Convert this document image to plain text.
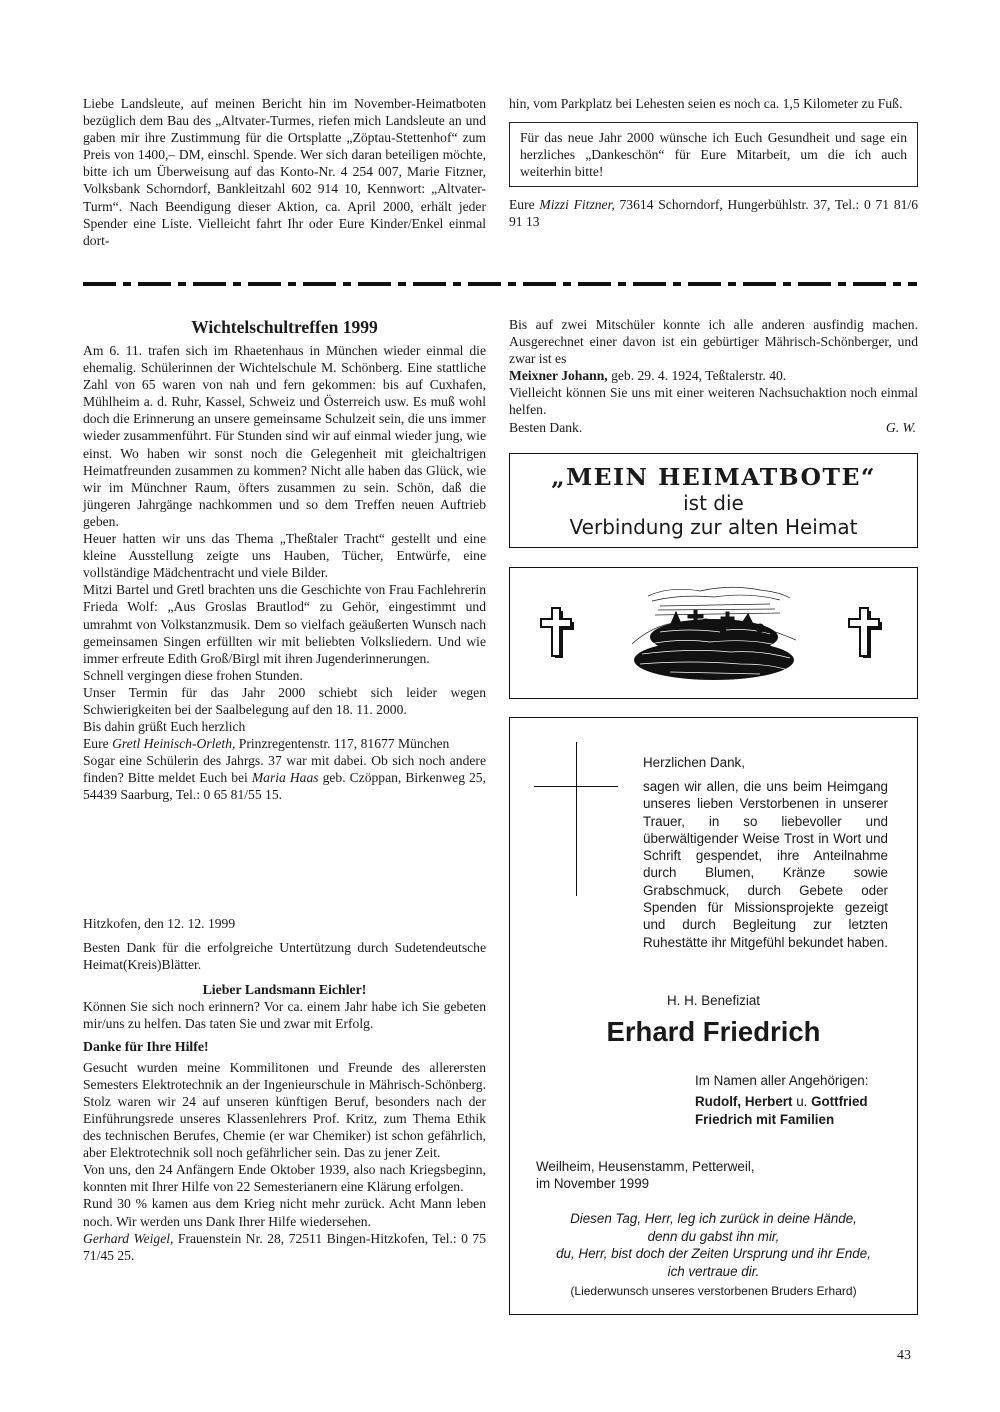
Liebe Landsleute, auf meinen Bericht hin im November-Heimatboten bezüglich dem Bau des „Altvater-Turmes, riefen mich Landsleute an und gaben mir ihre Zustimmung für die Ortsplatte „Zöptau-Stettenhof“ zum Preis von 1400,– DM, einschl. Spende. Wer sich daran beteiligen möchte, bitte ich um Überweisung auf das Konto-Nr. 4 254 007, Marie Fitzner, Volksbank Schorndorf, Bankleitzahl 602 914 10, Kennwort: „Altvater-Turm“. Nach Beendigung dieser Aktion, ca. April 2000, erhält jeder Spender eine Liste. Vielleicht fahrt Ihr oder Eure Kinder/Enkel einmal dort-

hin, vom Parkplatz bei Lehesten seien es noch ca. 1,5 Kilometer zu Fuß.

Für das neue Jahr 2000 wünsche ich Euch Gesundheit und sage ein herzliches „Dankeschön“ für Eure Mitarbeit, um die ich auch weiterhin bitte!

Eure Mizzi Fitzner, 73614 Schorndorf, Hungerbühlstr. 37, Tel.: 0 71 81/6 91 13

Wichtelschultreffen 1999

Am 6. 11. trafen sich im Rhaetenhaus in München wieder einmal die ehemalig. Schülerinnen der Wichtelschule M. Schönberg. Eine stattliche Zahl von 65 waren von nah und fern gekommen: bis auf Cuxhafen, Mühlheim a. d. Ruhr, Kassel, Schweiz und Österreich usw. Es muß wohl doch die Erinnerung an unsere gemeinsame Schulzeit sein, die uns immer wieder zusammenführt. Für Stunden sind wir auf einmal wieder jung, wie einst. Wo haben wir sonst noch die Gelegenheit mit gleichaltrigen Heimatfreunden zusammen zu kommen? Nicht alle haben das Glück, wie wir im Münchner Raum, öfters zusammen zu sein. Schön, daß die jüngeren Jahrgänge nachkommen und so dem Treffen neuen Auftrieb geben.

Heuer hatten wir uns das Thema „Theßtaler Tracht“ gestellt und eine kleine Ausstellung zeigte uns Hauben, Tücher, Entwürfe, eine vollständige Mädchentracht und viele Bilder.

Mitzi Bartel und Gretl brachten uns die Geschichte von Frau Fachlehrerin Frieda Wolf: „Aus Groslas Brautlod“ zu Gehör, eingestimmt und umrahmt von Volkstanzmusik. Dem so vielfach geäußerten Wunsch nach gemeinsamen Singen erfüllten wir mit beliebten Volksliedern. Und wie immer erfreute Edith Groß/Birgl mit ihren Jugenderinnerungen.

Schnell vergingen diese frohen Stunden.

Unser Termin für das Jahr 2000 schiebt sich leider wegen Schwierigkeiten bei der Saalbelegung auf den 18. 11. 2000.

Bis dahin grüßt Euch herzlich

Eure Gretl Heinisch-Orleth, Prinzregentenstr. 117, 81677 München

Sogar eine Schülerin des Jahrgs. 37 war mit dabei. Ob sich noch andere finden? Bitte meldet Euch bei Maria Haas geb. Czöppan, Birkenweg 25, 54439 Saarburg, Tel.: 0 65 81/55 15.

Hitzkofen, den 12. 12. 1999

Besten Dank für die erfolgreiche Untertützung durch Sudetendeutsche Heimat(Kreis)Blätter.

Lieber Landsmann Eichler!

Können Sie sich noch erinnern? Vor ca. einem Jahr habe ich Sie gebeten mir/uns zu helfen. Das taten Sie und zwar mit Erfolg.

Danke für Ihre Hilfe!

Gesucht wurden meine Kommilitonen und Freunde des allerersten Semesters Elektrotechnik an der Ingenieurschule in Mährisch-Schönberg. Stolz waren wir 24 auf unseren künftigen Beruf, besonders nach der Einführungsrede unseres Klassenlehrers Prof. Kritz, zum Thema Ethik des technischen Berufes, Chemie (er war Chemiker) ist schon gefährlich, aber Elektrotechnik soll noch gefährlicher sein. Das zu jener Zeit.

Von uns, den 24 Anfängern Ende Oktober 1939, also nach Kriegsbeginn, konnten mit Ihrer Hilfe von 22 Semesterianern eine Klärung erfolgen.

Rund 30 % kamen aus dem Krieg nicht mehr zurück. Acht Mann leben noch. Wir werden uns Dank Ihrer Hilfe wiedersehen.

Gerhard Weigel, Frauenstein Nr. 28, 72511 Bingen-Hitzkofen, Tel.: 0 75 71/45 25.

Bis auf zwei Mitschüler konnte ich alle anderen ausfindig machen. Ausgerechnet einer davon ist ein gebürtiger Mährisch-Schönberger, und zwar ist es

Meixner Johann, geb. 29. 4. 1924, Teßtalerstr. 40.

Vielleicht können Sie uns mit einer weiteren Nachsuchaktion noch einmal helfen.

Besten Dank.	G. W.

„MEIN HEIMATBOTE“
ist die
Verbindung zur alten Heimat
Herzlichen Dank,
sagen wir allen, die uns beim Heimgang unseres lieben Verstorbenen in unserer Trauer, in so liebevoller und überwältigender Weise Trost in Wort und Schrift gespendet, ihre Anteilnahme durch Blumen, Kränze sowie Grabschmuck, durch Gebete oder Spenden für Missionsprojekte gezeigt und durch Begleitung zur letzten Ruhestätte ihr Mitgefühl bekundet haben.
H. H. Benefiziat
Erhard Friedrich
Im Namen aller Angehörigen:
Rudolf, Herbert u. Gottfried
Friedrich mit Familien
Weilheim, Heusenstamm, Petterweil,
im November 1999
Diesen Tag, Herr, leg ich zurück in deine Hände,
denn du gabst ihn mir,
du, Herr, bist doch der Zeiten Ursprung und ihr Ende,
ich vertraue dir.
(Liederwunsch unseres verstorbenen Bruders Erhard)
43
